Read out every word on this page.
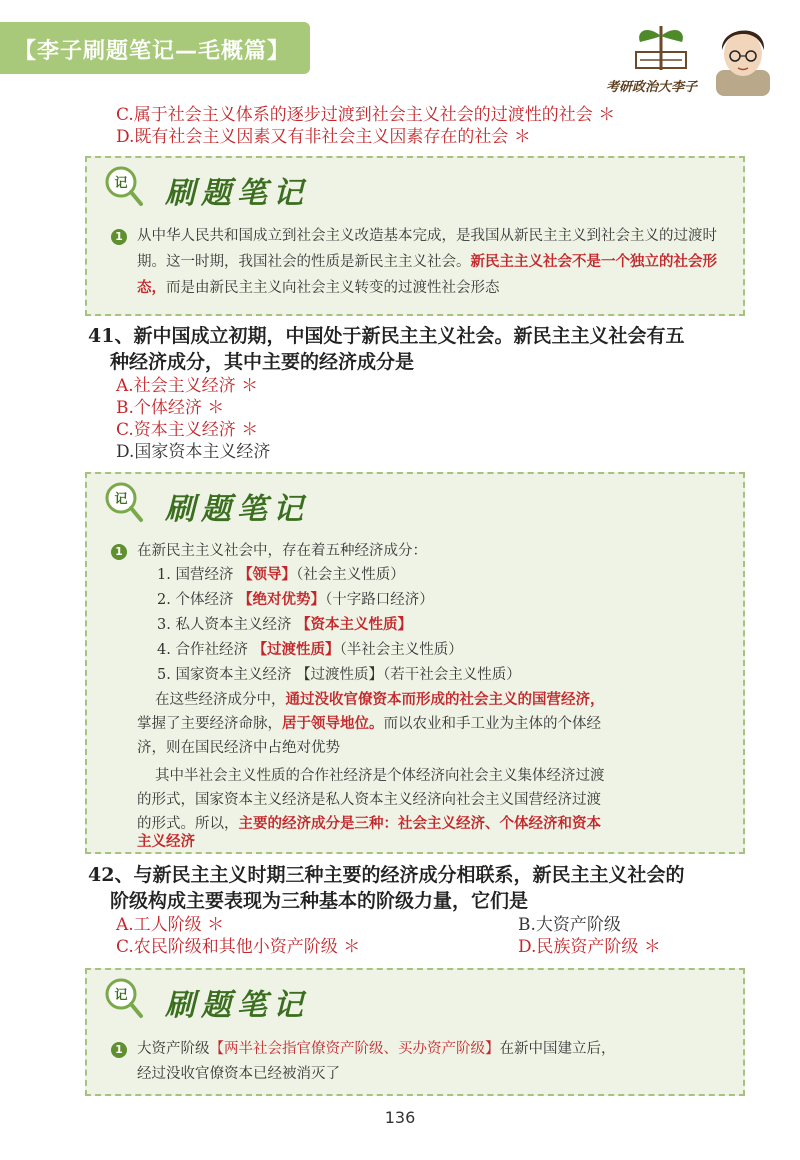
【李子刷题笔记—毛概篇】
考研政治大李子
C.属于社会主义体系的逐步过渡到社会主义社会的过渡性的社会 ＊
D.既有社会主义因素又有非社会主义因素存在的社会 ＊
记 刷题笔记
1 从中华人民共和国成立到社会主义改造基本完成，是我国从新民主主义到社会主义的过渡时期。这一时期，我国社会的性质是新民主主义社会。新民主主义社会不是一个独立的社会形态，而是由新民主主义向社会主义转变的过渡性社会形态
41、新中国成立初期，中国处于新民主主义社会。新民主主义社会有五
种经济成分，其中主要的经济成分是
A.社会主义经济 ＊
B.个体经济 ＊
C.资本主义经济 ＊
D.国家资本主义经济
记 刷题笔记
1 在新民主主义社会中，存在着五种经济成分：
1. 国营经济 【领导】（社会主义性质）
2. 个体经济 【绝对优势】（十字路口经济）
3. 私人资本主义经济 【资本主义性质】
4. 合作社经济 【过渡性质】（半社会主义性质）
5. 国家资本主义经济 【过渡性质】（若干社会主义性质）
在这些经济成分中，通过没收官僚资本而形成的社会主义的国营经济，
掌握了主要经济命脉，居于领导地位。而以农业和手工业为主体的个体经
济，则在国民经济中占绝对优势
其中半社会主义性质的合作社经济是个体经济向社会主义集体经济过渡
的形式，国家资本主义经济是私人资本主义经济向社会主义国营经济过渡
的形式。所以，主要的经济成分是三种：社会主义经济、个体经济和资本
主义经济
42、与新民主主义时期三种主要的经济成分相联系，新民主主义社会的
阶级构成主要表现为三种基本的阶级力量，它们是
A.工人阶级 ＊	B.大资产阶级
C.农民阶级和其他小资产阶级 ＊	D.民族资产阶级 ＊
记 刷题笔记
1 大资产阶级【两半社会指官僚资产阶级、买办资产阶级】在新中国建立后，
经过没收官僚资本已经被消灭了
136
